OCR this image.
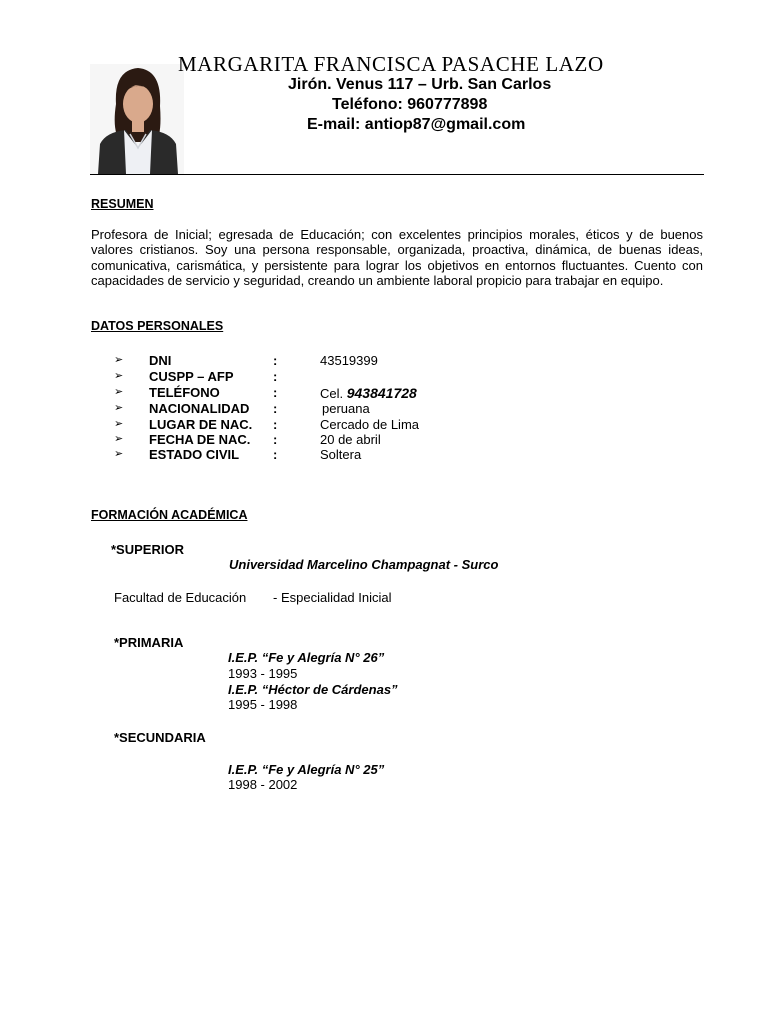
MARGARITA FRANCISCA PASACHE LAZO
Jirón. Venus 117 – Urb. San Carlos
Teléfono: 960777898
E-mail: antiop87@gmail.com
RESUMEN
Profesora de Inicial; egresada de Educación; con excelentes principios morales, éticos y de buenos valores cristianos. Soy una persona responsable, organizada, proactiva, dinámica, de buenas ideas, comunicativa, carismática, y persistente para lograr los objetivos en entornos fluctuantes. Cuento con capacidades de servicio y seguridad, creando un ambiente laboral propicio para trabajar en equipo.
DATOS PERSONALES
➢ DNI	:	43519399
➢ CUSPP – AFP	:
➢ TELÉFONO	:	Cel. 943841728
➢ NACIONALIDAD :	peruana
➢ LUGAR DE NAC. :	Cercado de Lima
➢ FECHA DE NAC. :	20 de abril
➢ ESTADO CIVIL	:	Soltera
FORMACIÓN ACADÉMICA
*SUPERIOR
Universidad Marcelino Champagnat - Surco
Facultad de Educación - Especialidad Inicial
*PRIMARIA
I.E.P. “Fe y Alegría N° 26”
1993 - 1995
I.E.P. “Héctor de Cárdenas”
1995 - 1998
*SECUNDARIA
I.E.P. “Fe y Alegría N° 25”
1998 - 2002
